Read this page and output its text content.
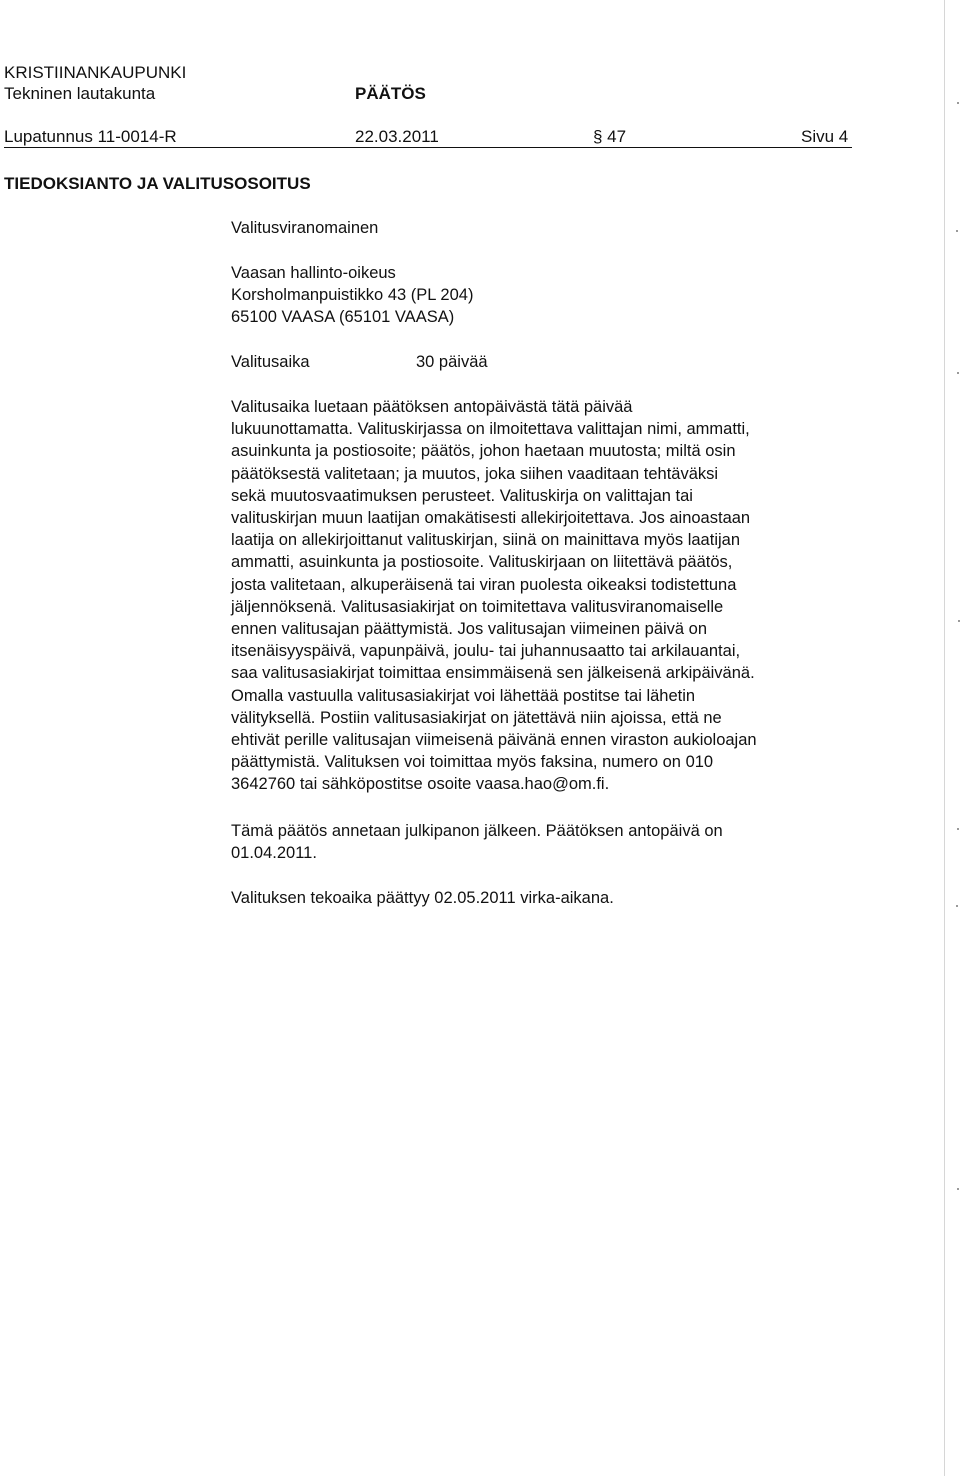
KRISTIINANKAUPUNKI
Tekninen lautakunta	PÄÄTÖS
Lupatunnus 11-0014-R	22.03.2011	§ 47	Sivu 4
TIEDOKSIANTO JA VALITUSOSOITUS
Valitusviranomainen
Vaasan hallinto-oikeus
Korsholmanpuistikko 43 (PL 204)
65100 VAASA (65101 VAASA)
Valitusaika	30 päivää
Valitusaika luetaan päätöksen antopäivästä tätä päivää
lukuunottamatta. Valituskirjassa on ilmoitettava valittajan nimi, ammatti,
asuinkunta ja postiosoite; päätös, johon haetaan muutosta; miltä osin
päätöksestä valitetaan; ja muutos, joka siihen vaaditaan tehtäväksi
sekä muutosvaatimuksen perusteet. Valituskirja on valittajan tai
valituskirjan muun laatijan omakätisesti allekirjoitettava. Jos ainoastaan
laatija on allekirjoittanut valituskirjan, siinä on mainittava myös laatijan
ammatti, asuinkunta ja postiosoite. Valituskirjaan on liitettävä päätös,
josta valitetaan, alkuperäisenä tai viran puolesta oikeaksi todistettuna
jäljennöksenä. Valitusasiakirjat on toimitettava valitusviranomaiselle
ennen valitusajan päättymistä. Jos valitusajan viimeinen päivä on
itsenäisyyspäivä, vapunpäivä, joulu- tai juhannusaatto tai arkilauantai,
saa valitusasiakirjat toimittaa ensimmäisenä sen jälkeisenä arkipäivänä.
Omalla vastuulla valitusasiakirjat voi lähettää postitse tai lähetin
välityksellä. Postiin valitusasiakirjat on jätettävä niin ajoissa, että ne
ehtivät perille valitusajan viimeisenä päivänä ennen viraston aukioloajan
päättymistä. Valituksen voi toimittaa myös faksina, numero on 010
3642760 tai sähköpostitse osoite vaasa.hao@om.fi.
Tämä päätös annetaan julkipanon jälkeen. Päätöksen antopäivä on
01.04.2011.
Valituksen tekoaika päättyy 02.05.2011 virka-aikana.
